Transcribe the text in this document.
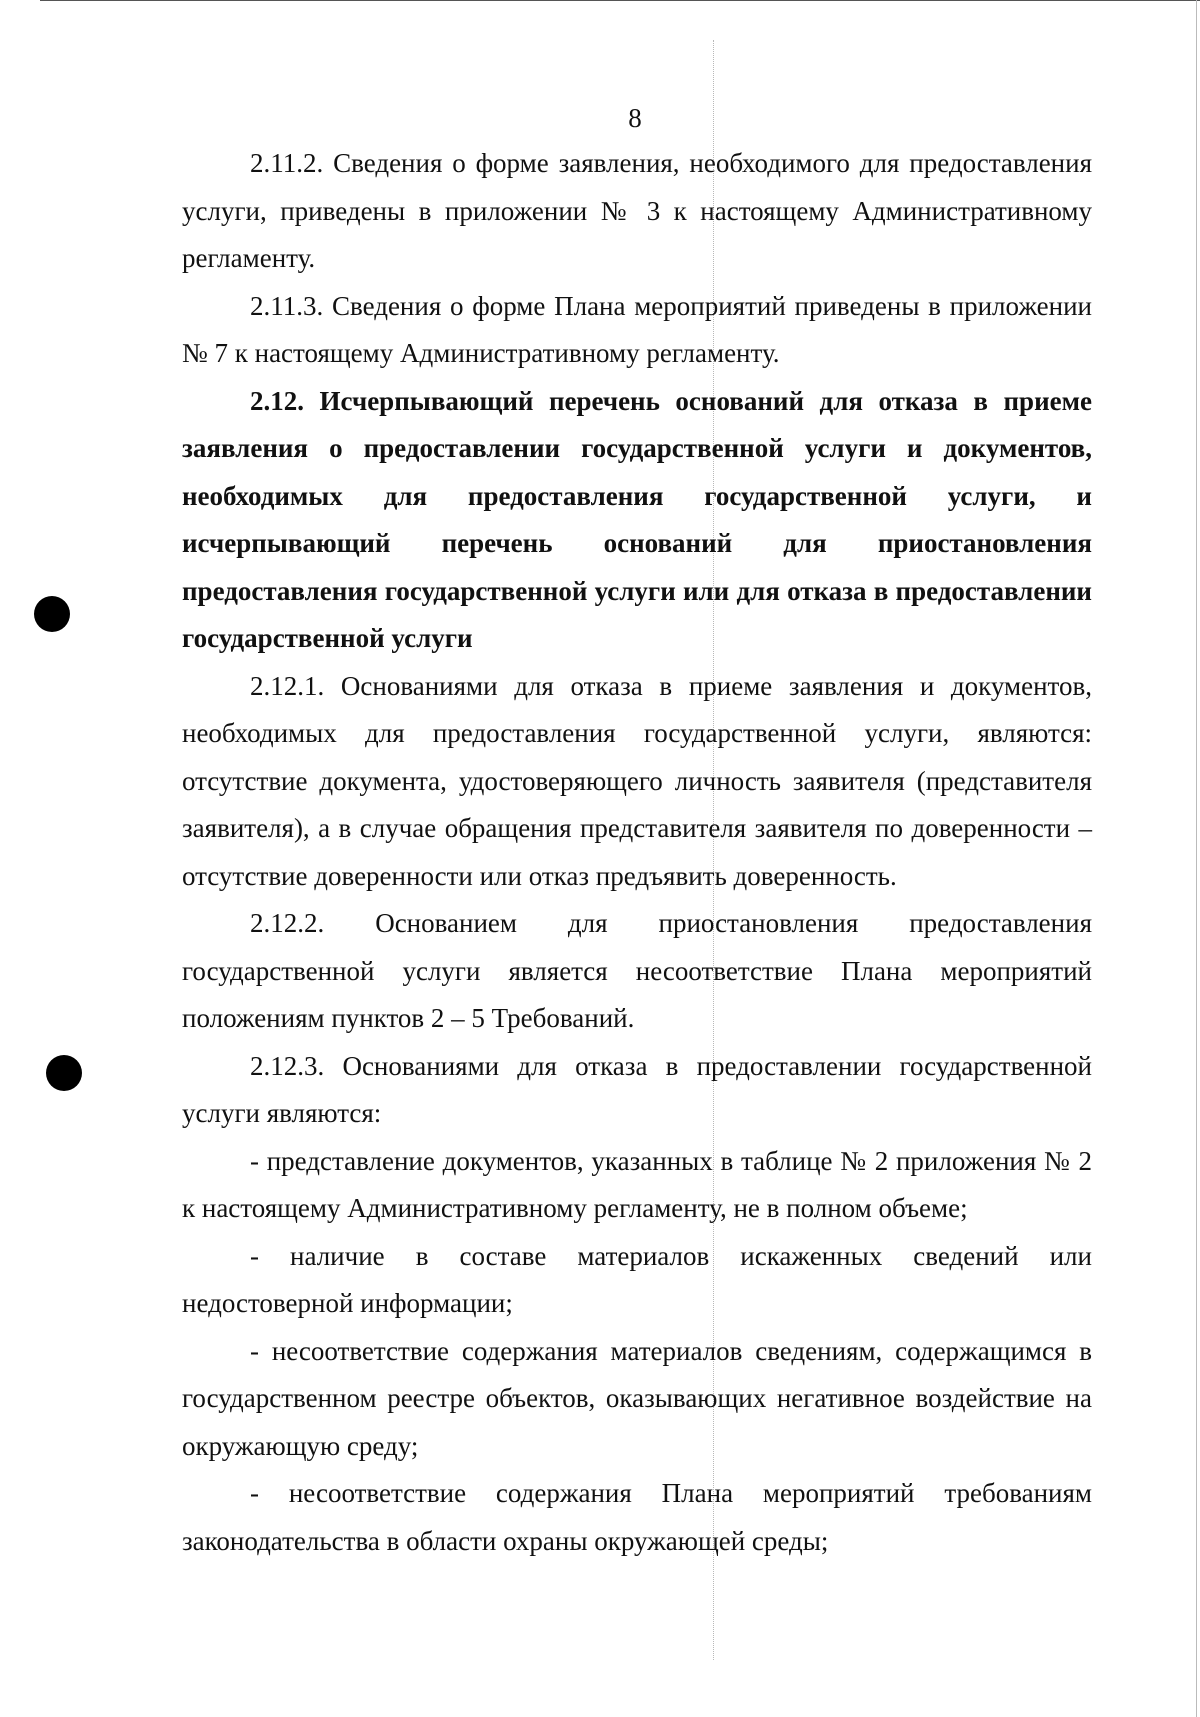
8

2.11.2. Сведения о форме заявления, необходимого для предоставления услуги, приведены в приложении № 3 к настоящему Административному регламенту.

2.11.3. Сведения о форме Плана мероприятий приведены в приложении № 7 к настоящему Административному регламенту.

2.12. Исчерпывающий перечень оснований для отказа в приеме заявления о предоставлении государственной услуги и документов, необходимых для предоставления государственной услуги, и исчерпывающий перечень оснований для приостановления предоставления государственной услуги или для отказа в предоставлении государственной услуги

2.12.1. Основаниями для отказа в приеме заявления и документов, необходимых для предоставления государственной услуги, являются: отсутствие документа, удостоверяющего личность заявителя (представителя заявителя), а в случае обращения представителя заявителя по доверенности – отсутствие доверенности или отказ предъявить доверенность.

2.12.2. Основанием для приостановления предоставления государственной услуги является несоответствие Плана мероприятий положениям пунктов 2 – 5 Требований.

2.12.3. Основаниями для отказа в предоставлении государственной услуги являются:

- представление документов, указанных в таблице № 2 приложения № 2 к настоящему Административному регламенту, не в полном объеме;

- наличие в составе материалов искаженных сведений или недостоверной информации;

- несоответствие содержания материалов сведениям, содержащимся в государственном реестре объектов, оказывающих негативное воздействие на окружающую среду;

- несоответствие содержания Плана мероприятий требованиям законодательства в области охраны окружающей среды;
